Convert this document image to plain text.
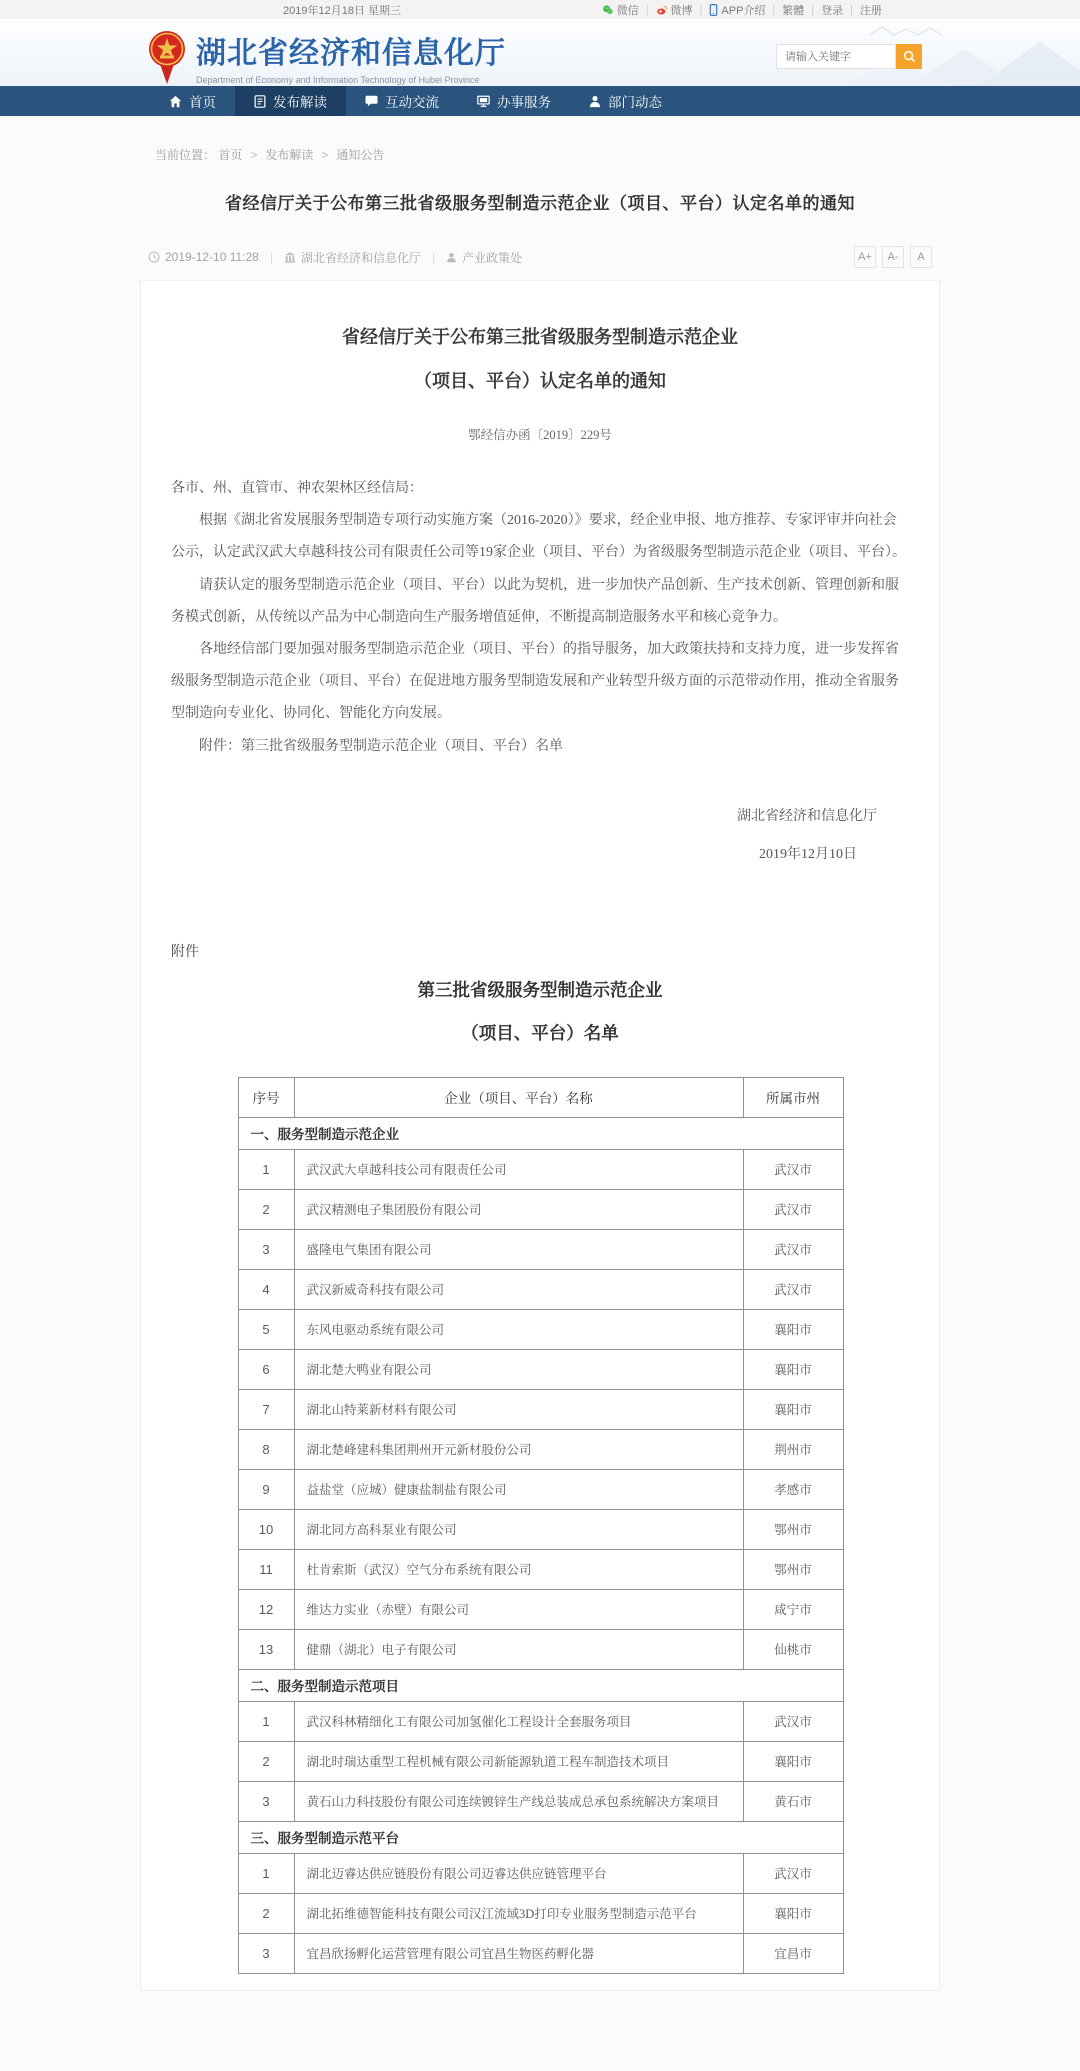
2019年12月18日 星期三	微信 | 微博 | APP介绍 | 繁體 | 登录 | 注册
湖北省经济和信息化厅
Department of Economy and Information Technology of Hubei Province
请输入关键字
首页	发布解读	互动交流	办事服务	部门动态
当前位置： 首页 > 发布解读 > 通知公告
省经信厅关于公布第三批省级服务型制造示范企业（项目、平台）认定名单的通知
2019-12-10 11:28 | 湖北省经济和信息化厅 | 产业政策处	A+	A-	A
省经信厅关于公布第三批省级服务型制造示范企业
（项目、平台）认定名单的通知
鄂经信办函〔2019〕229号

各市、州、直管市、神农架林区经信局：

根据《湖北省发展服务型制造专项行动实施方案（2016-2020）》要求，经企业申报、地方推荐、专家评审并向社会公示，认定武汉武大卓越科技公司有限责任公司等19家企业（项目、平台）为省级服务型制造示范企业（项目、平台）。

请获认定的服务型制造示范企业（项目、平台）以此为契机，进一步加快产品创新、生产技术创新、管理创新和服务模式创新，从传统以产品为中心制造向生产服务增值延伸，不断提高制造服务水平和核心竞争力。

各地经信部门要加强对服务型制造示范企业（项目、平台）的指导服务，加大政策扶持和支持力度，进一步发挥省级服务型制造示范企业（项目、平台）在促进地方服务型制造发展和产业转型升级方面的示范带动作用，推动全省服务型制造向专业化、协同化、智能化方向发展。

附件：第三批省级服务型制造示范企业（项目、平台）名单

湖北省经济和信息化厅
2019年12月10日
附件
第三批省级服务型制造示范企业
（项目、平台）名单
序号	企业（项目、平台）名称	所属市州
一、服务型制造示范企业		
1	武汉武大卓越科技公司有限责任公司	武汉市
2	武汉精测电子集团股份有限公司	武汉市
3	盛隆电气集团有限公司	武汉市
4	武汉新威奇科技有限公司	武汉市
5	东风电驱动系统有限公司	襄阳市
6	湖北楚大鸭业有限公司	襄阳市
7	湖北山特莱新材料有限公司	襄阳市
8	湖北楚峰建科集团荆州开元新材股份公司	荆州市
9	益盐堂（应城）健康盐制盐有限公司	孝感市
10	湖北同方高科泵业有限公司	鄂州市
11	杜肯索斯（武汉）空气分布系统有限公司	鄂州市
12	维达力实业（赤壁）有限公司	咸宁市
13	健鼎（湖北）电子有限公司	仙桃市
二、服务型制造示范项目		
1	武汉科林精细化工有限公司加氢催化工程设计全套服务项目	武汉市
2	湖北时瑞达重型工程机械有限公司新能源轨道工程车制造技术项目	襄阳市
3	黄石山力科技股份有限公司连续镀锌生产线总装成总承包系统解决方案项目	黄石市
三、服务型制造示范平台		
1	湖北迈睿达供应链股份有限公司迈睿达供应链管理平台	武汉市
2	湖北拓维德智能科技有限公司汉江流域3D打印专业服务型制造示范平台	襄阳市
3	宜昌欣扬孵化运营管理有限公司宜昌生物医药孵化器	宜昌市
